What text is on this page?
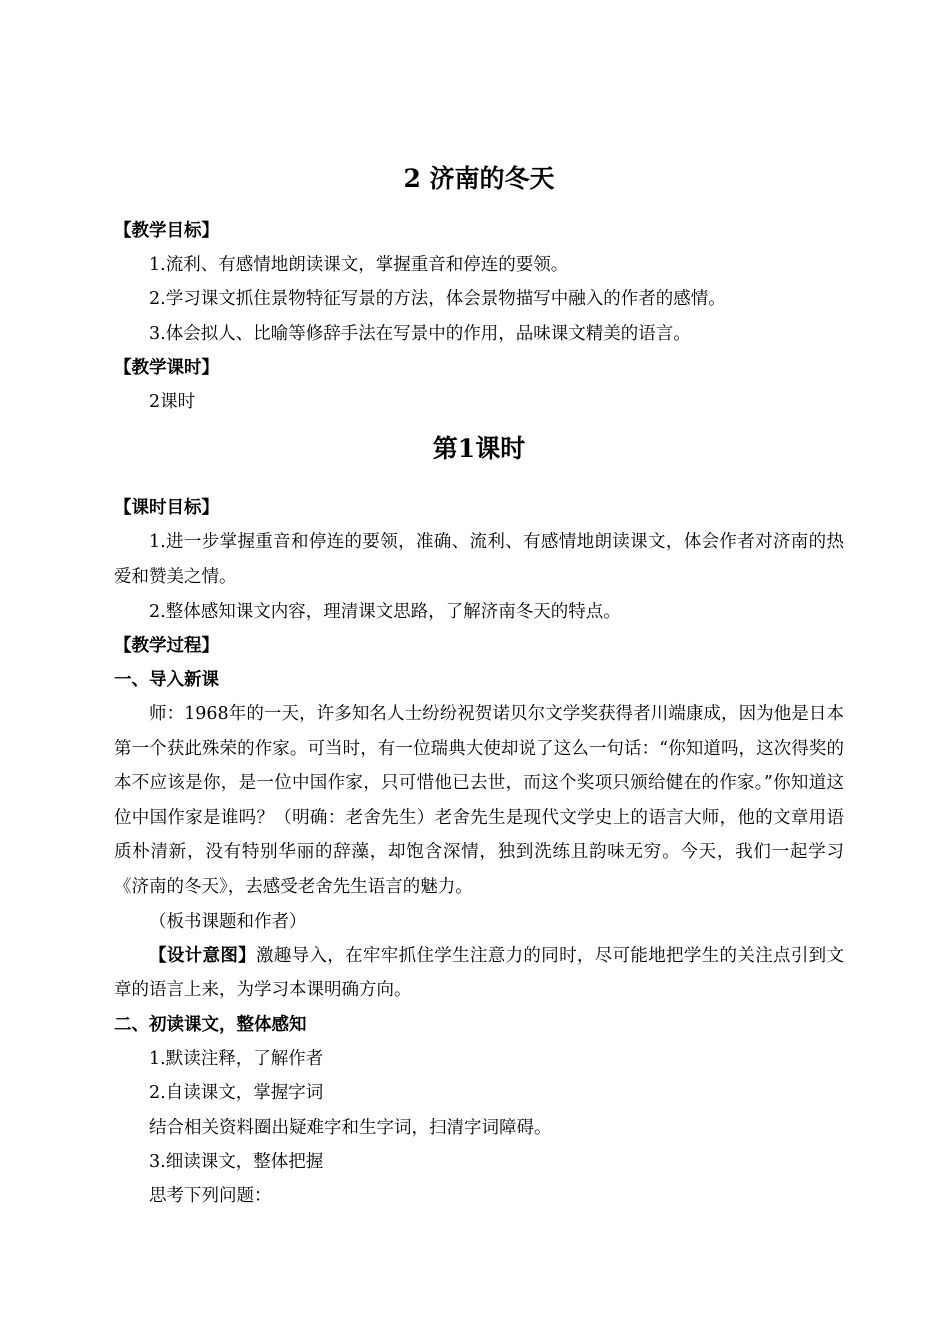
2 济南的冬天
【教学目标】
1.流利、有感情地朗读课文，掌握重音和停连的要领。
2.学习课文抓住景物特征写景的方法，体会景物描写中融入的作者的感情。
3.体会拟人、比喻等修辞手法在写景中的作用，品味课文精美的语言。
【教学课时】
2课时
第1课时
【课时目标】
1.进一步掌握重音和停连的要领，准确、流利、有感情地朗读课文，体会作者对济南的热爱和赞美之情。
2.整体感知课文内容，理清课文思路，了解济南冬天的特点。
【教学过程】
一、导入新课
师：1968年的一天，许多知名人士纷纷祝贺诺贝尔文学奖获得者川端康成，因为他是日本第一个获此殊荣的作家。可当时，有一位瑞典大使却说了这么一句话：“你知道吗，这次得奖的本不应该是你，是一位中国作家，只可惜他已去世，而这个奖项只颁给健在的作家。”你知道这位中国作家是谁吗？（明确：老舍先生）老舍先生是现代文学史上的语言大师，他的文章用语质朴清新，没有特别华丽的辞藻，却饱含深情，独到洗练且韵味无穷。今天，我们一起学习《济南的冬天》，去感受老舍先生语言的魅力。
（板书课题和作者）

【设计意图】激趣导入，在牢牢抓住学生注意力的同时，尽可能地把学生的关注点引到文章的语言上来，为学习本课明确方向。

二、初读课文，整体感知
1.默读注释，了解作者
2.自读课文，掌握字词
结合相关资料圈出疑难字和生字词，扫清字词障碍。
3.细读课文，整体把握
思考下列问题：
